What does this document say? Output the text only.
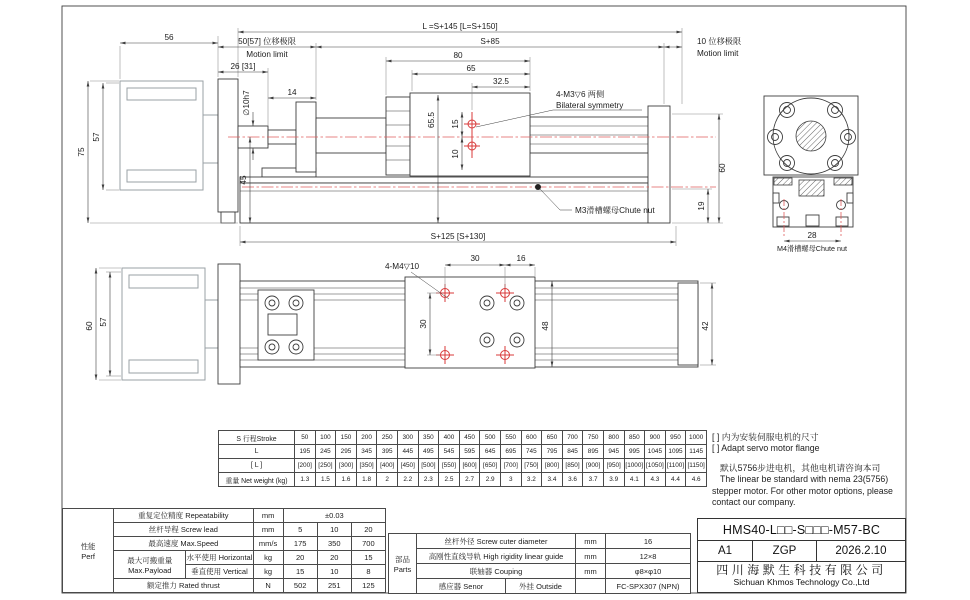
56
L =S+145 [L=S+150]
50[57] 位移极限
Motion limit
S+85	10 位移极限
Motion limit
80
65
32.5
26 [31]
14
∅10h7
45
65.5 15
10
75
57
60
19
S+125 [S+130]
4-M3▽6 两侧
Bilateral symmetry
M3滑槽螺母Chute nut
28
M4滑槽螺母Chute nut
60 57
4-M4▽10
30	16
30	48	42
S 行程Stroke	50	100	150	200	250	300	350	400	450	500	550	600	650	700	750	800	850	900	950	1000
L	195	245	295	345	395	445	495	545	595	645	695	745	795	845	895	945	995	1045	1095	1145
[ L ]	[200]	[250]	[300]	[350]	[400]	[450]	[500]	[550]	[600]	[650]	[700]	[750]	[800]	[850]	[900]	[950]	[1000]	[1050]	[1100]	[1150]
重量 Net weight (kg)	1.3	1.5	1.6	1.8	2	2.2	2.3	2.5	2.7	2.9	3	3.2	3.4	3.6	3.7	3.9	4.1	4.3	4.4	4.6
性能
Perf	重复定位精度 Repeatability		mm	±0.03		
	丝杆导程 Screw lead		mm	5	10	20
	最高速度 Max.Speed		mm/s	175	350	700
	最大可搬重量
Max.Payload	水平使用 Horizontal	kg	20	20	15
		垂直使用 Vertical	kg	15	10	8
	额定推力 Rated thrust		N	502	251	125
部品
Parts	丝杆外径 Screw cuter diameter		mm	16
	高刚性直线导轨 High rigidity linear guide		mm	12×8
	联轴器 Couping		mm	φ8×φ10
	感应器 Senor	外挂 Outside		FC-SPX307 (NPN)
[ ] 内为安装伺服电机的尺寸
[ ] Adapt servo motor flange
默认5756步进电机，其他电机请咨询本司
The linear be standard with nema 23(5756)
stepper motor. For other motor options, please
contact our company.
HMS40-L□□-S□□□-M57-BC
A1	ZGP	2026.2.10
四川海默生科技有限公司
Sichuan Khmos Technology Co.,Ltd
